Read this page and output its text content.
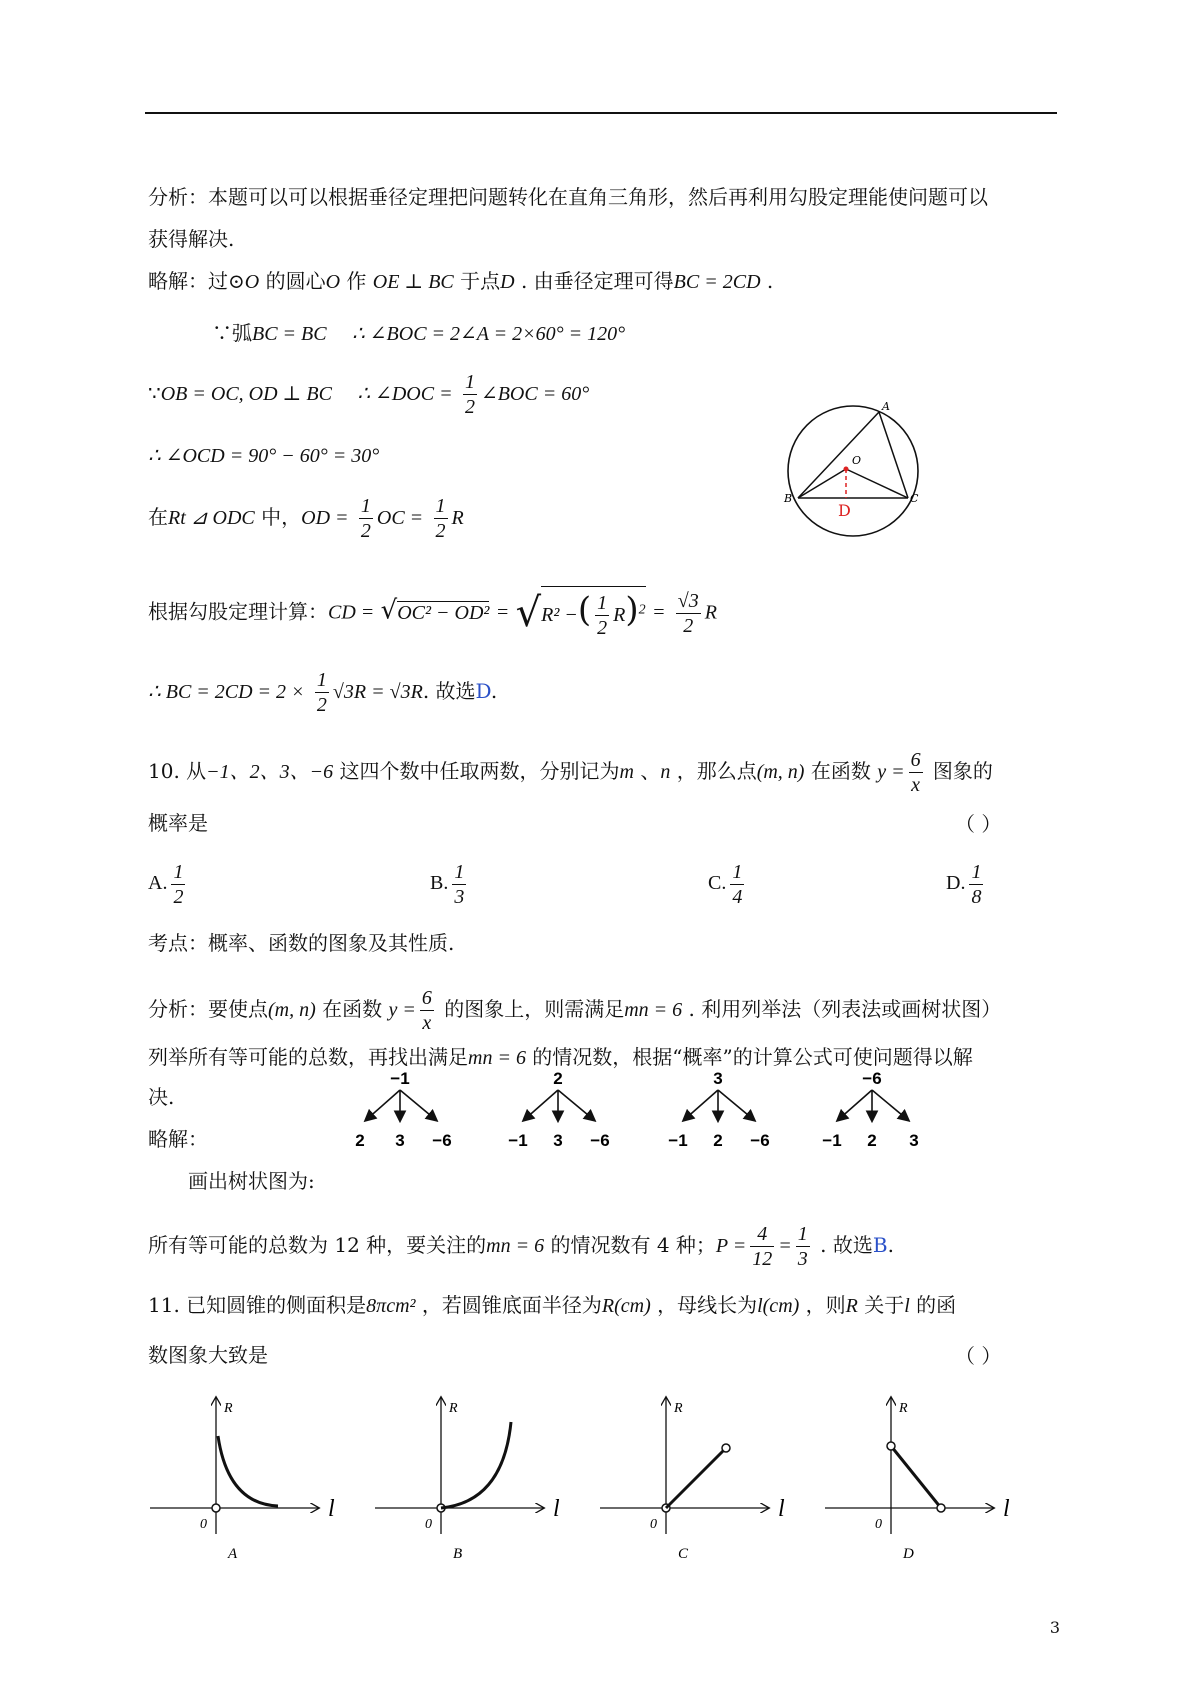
分析：本题可以可以根据垂径定理把问题转化在直角三角形，然后再利用勾股定理能使问题可以
获得解决.
略解：过⊙O 的圆心O 作 OE ⊥ BC 于点D . 由垂径定理可得BC = 2CD .
∵弧BC = BC ∴ ∠BOC = 2∠A = 2×60° = 120°
∵OB = OC, OD ⊥ BC ∴ ∠DOC = $\frac{1}{2}$ ∠BOC = 60°
∴ ∠OCD = 90° − 60° = 30°
在Rt ⊿ ODC 中，OD = $\frac{1}{2}$ OC = $\frac{1}{2}$ R
根据勾股定理计算：CD = √OC² − OD² = √R² −( $\frac{1}{2} R)^2 = \frac{√3}{2}$ R
∴ BC = $2CD = 2 \times \frac{1}{2} √3R = √3R$. 故选D.
A
B	C
O
D
10. 从−1、2、3、−6 这四个数中任取两数，分别记为m 、n ，那么点(m, n) 在函数 $y = \frac{6}{x}$ 图象的
概率是	（ ）
A. $\frac{1}{2}$	B. $\frac{1}{3}$	C. $\frac{1}{4}$	D. $\frac{1}{8}$
考点：概率、函数的图象及其性质.
分析：要使点(m, n) 在函数 $y = \frac{6}{x}$ 的图象上，则需满足mn = 6 . 利用列举法（列表法或画树状图）
列举所有等可能的总数，再找出满足mn = 6 的情况数，根据“概率”的计算公式可使问题得以解
决.
略解：
−1
2 3 −6
2
−1 3 −6
3
−1 2 −6
−6
−1 2 3
画出树状图为:
所有等可能的总数为 12 种，要关注的mn = 6 的情况数有 4 种；$P = \frac{4}{12} = \frac{1}{3}$ . 故选B.
11. 已知圆锥的侧面积是8πcm² ，若圆锥底面半径为R(cm) ，母线长为l(cm) ，则R 关于l 的函
数图象大致是	（ ）
R
l
0
A
R
l
0
B
R
l
0
C
R
l
0
D
3
